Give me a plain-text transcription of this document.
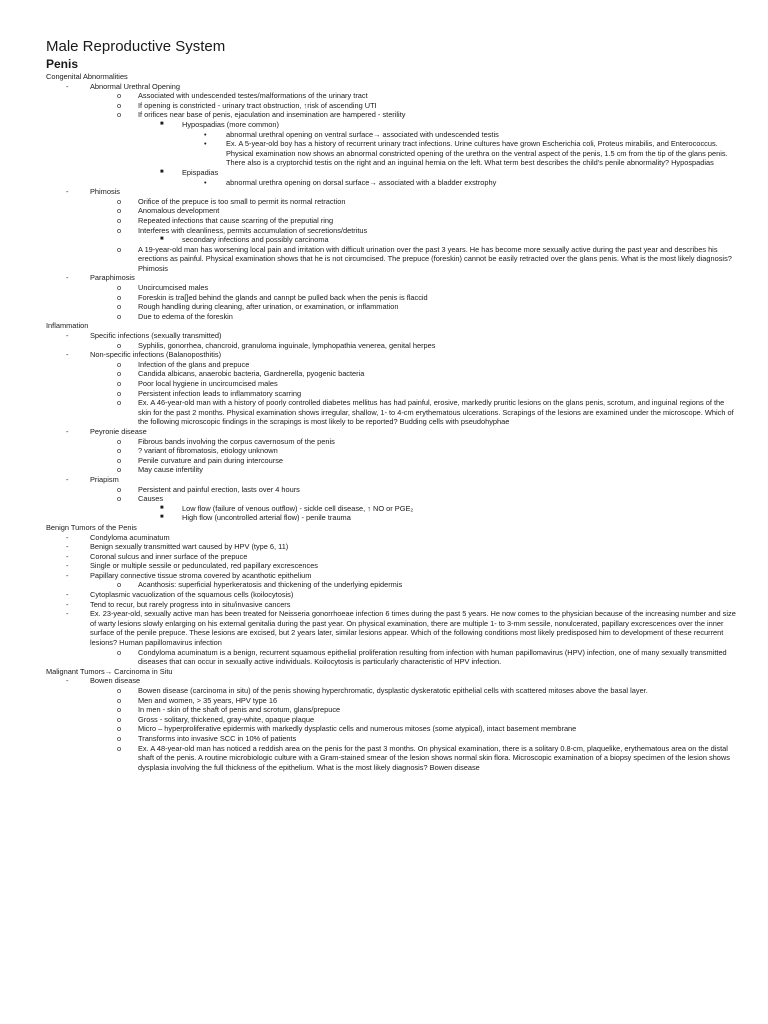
Male Reproductive System
Penis
Congenital Abnormalities
-	Abnormal Urethral Opening
o Associated with undescended testes/malformations of the urinary tract
o If opening is constricted - urinary tract obstruction, ↑risk of ascending UTI
o If orifices near base of penis, ejaculation and insemination are hampered - sterility
■ Hypospadias (more common)
•	abnormal urethral opening on ventral surface→ associated with undescended testis
•	Ex. A 5-year-old boy has a history of recurrent urinary tract infections. Urine cultures have grown Escherichia coli, Proteus mirabilis, and Enterococcus. Physical examination now shows an abnormal constricted opening of the urethra on the ventral aspect of the penis, 1.5 cm from the tip of the glans penis. There also is a cryptorchid testis on the right and an inguinal hernia on the left. What term best describes the child's penile abnormality? Hypospadias
■ Epispadias
•	abnormal urethra opening on dorsal surface→ associated with a bladder exstrophy
-	Phimosis
o Orifice of the prepuce is too small to permit its normal retraction
o Anomalous development
o Repeated infections that cause scarring of the preputial ring
o Interferes with cleanliness, permits accumulation of secretions/detritus
■ secondary infections and possibly carcinoma
o A 19-year-old man has worsening local pain and irritation with difficult urination over the past 3 years. He has become more sexually active during the past year and describes his erections as painful. Physical examination shows that he is not circumcised. The prepuce (foreskin) cannot be easily retracted over the glans penis. What is the most likely diagnosis? Phimosis
-	Paraphimosis
o Uncircumcised males
o Foreskin is tra[]ed behind the glands and cannpt be pulled back when the penis is flaccid
o Rough handling during cleaning, after urination, or examination, or inflammation
o Due to edema of the foreskin
Inflammation
-	Specific infections (sexually transmitted)
o Syphilis, gonorrhea, chancroid, granuloma inguinale, lymphopathia venerea, genital herpes
-	Non-specific infections (Balanoposthitis)
o Infection of the glans and prepuce
o Candida albicans, anaerobic bacteria, Gardnerella, pyogenic bacteria
o Poor local hygiene in uncircumcised males
o Persistent infection leads to inflammatory scarring
o Ex. A 46-year-old man with a history of poorly controlled diabetes mellitus has had painful, erosive, markedly pruritic lesions on the glans penis, scrotum, and inguinal regions of the skin for the past 2 months. Physical examination shows irregular, shallow, 1- to 4-cm erythematous ulcerations. Scrapings of the lesions are examined under the microscope. Which of the following microscopic findings in the scrapings is most likely to be reported? Budding cells with pseudohyphae
-	Peyronie disease
o Fibrous bands involving the corpus cavernosum of the penis
o ? variant of fibromatosis, etiology unknown
o Penile curvature and pain during intercourse
o May cause infertility
-	Priapism
o Persistent and painful erection, lasts over 4 hours
o Causes
■ Low flow (failure of venous outflow) - sickle cell disease, ↑ NO or PGE₂
■ High flow (uncontrolled arterial flow) - penile trauma
Benign Tumors of the Penis
-	Condyloma acuminatum
-	Benign sexually transmitted wart caused by HPV (type 6, 11)
-	Coronal sulcus and inner surface of the prepuce
-	Single or multiple sessile or pedunculated, red papillary excrescences
-	Papillary connective tissue stroma covered by acanthotic epithelium
o Acanthosis: superficial hyperkeratosis and thickening of the underlying epidermis
-	Cytoplasmic vacuolization of the squamous cells (koilocytosis)
-	Tend to recur, but rarely progress into in situ/invasive cancers
-	Ex. 23-year-old, sexually active man has been treated for Neisseria gonorrhoeae infection 6 times during the past 5 years. He now comes to the physician because of the increasing number and size of warty lesions slowly enlarging on his external genitalia during the past year. On physical examination, there are multiple 1- to 3-mm sessile, nonulcerated, papillary excrescences over the inner surface of the penile prepuce. These lesions are excised, but 2 years later, similar lesions appear. Which of the following conditions most likely predisposed him to development of these recurrent lesions? Human papillomavirus infection
o Condyloma acuminatum is a benign, recurrent squamous epithelial proliferation resulting from infection with human papillomavirus (HPV) infection, one of many sexually transmitted diseases that can occur in sexually active individuals. Koilocytosis is particularly characteristic of HPV infection.
Malignant Tumors→ Carcinoma in Situ
-	Bowen disease
o Bowen disease (carcinoma in situ) of the penis showing hyperchromatic, dysplastic dyskeratotic epithelial cells with scattered mitoses above the basal layer.
o Men and women, > 35 years, HPV type 16
o In men - skin of the shaft of penis and scrotum, glans/prepuce
o Gross - solitary, thickened, gray-white, opaque plaque
o Micro – hyperproliferative epidermis with markedly dysplastic cells and numerous mitoses (some atypical), intact basement membrane
o Transforms into invasive SCC in 10% of patients
o Ex. A 48-year-old man has noticed a reddish area on the penis for the past 3 months. On physical examination, there is a solitary 0.8-cm, plaquelike, erythematous area on the distal shaft of the penis. A routine microbiologic culture with a Gram-stained smear of the lesion shows normal skin flora. Microscopic examination of a biopsy specimen of the lesion shows dysplasia involving the full thickness of the epithelium. What is the most likely diagnosis? Bowen disease
